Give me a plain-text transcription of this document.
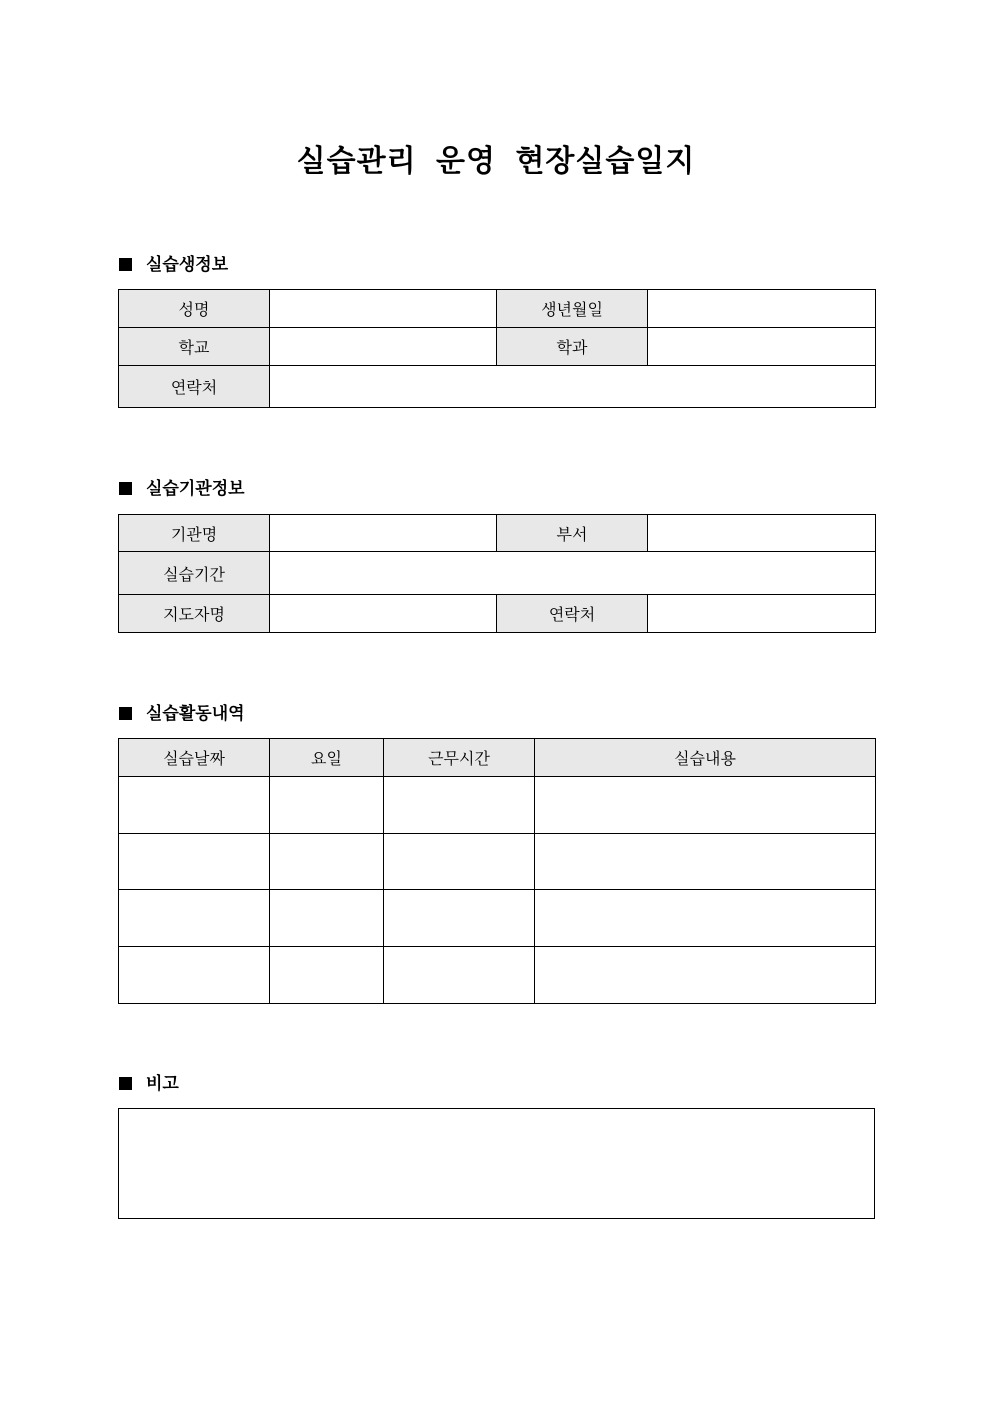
실습관리 운영 현장실습일지
실습생정보
성명		생년월일	
학교		학과	
연락처			
실습기관정보
기관명		부서	
실습기간			
지도자명		연락처	
실습활동내역
실습날짜	요일	근무시간	실습내용

비고
